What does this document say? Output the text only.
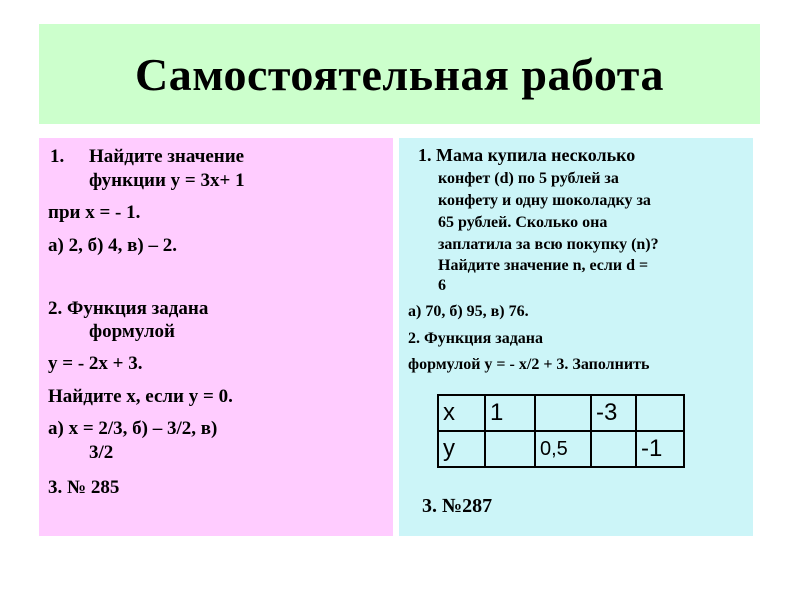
Самостоятельная работа
1. Найдите значение
функции у = 3х+ 1
при х = - 1.
а) 2, б) 4, в) – 2.
2. Функция задана
формулой
у = - 2х + 3.
Найдите х, если у = 0.
а) х = 2/3, б) – 3/2, в)
3/2
3. № 285
1. Мама купила несколько
конфет (d) по 5 рублей за
конфету и одну шоколадку за
65 рублей. Сколько она
заплатила за всю покупку (n)?
Найдите значение n, если d =
6
а) 70, б) 95, в) 76.
2. Функция задана
формулой у = - х/2 + 3. Заполнить
х	1		-3	
у		0,5		-1
3. №287
